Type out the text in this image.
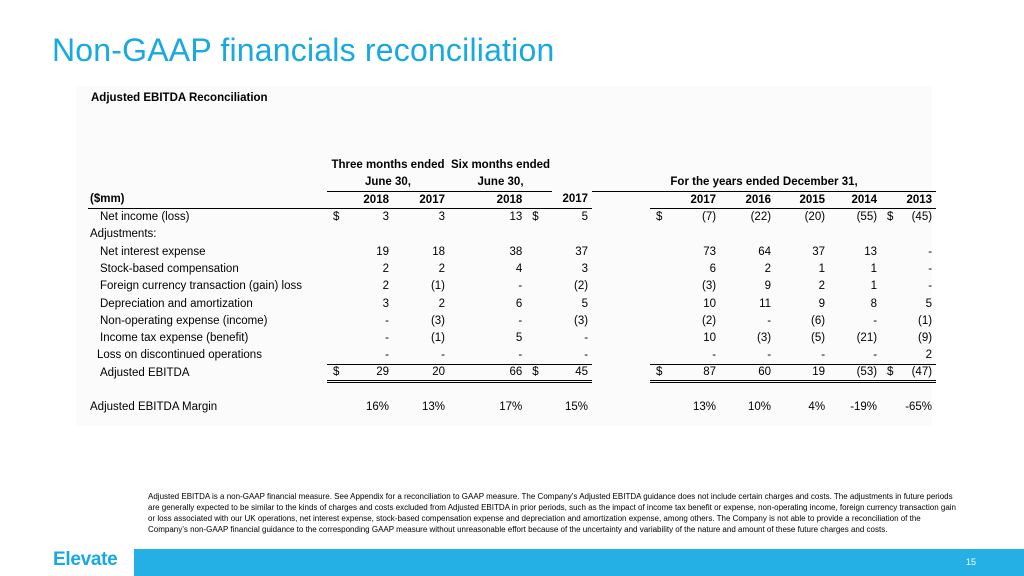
Non-GAAP financials reconciliation
Adjusted EBITDA Reconciliation
	Three months ended			Six months ended											
	June 30,			June 30,				For the years ended December 31,							
($mm)		2018	2017		2018		2017			2017	2016	2015	2014		2013
Net income (loss)	$	3	3		13	$	5		$	(7)	(22)	(20)	(55)	$	(45)
Adjustments:															
Net interest expense		19	18		38		37			73	64	37	13		-
Stock-based compensation		2	2		4		3			6	2	1	1		-
Foreign currency transaction (gain) loss		2	(1)		-		(2)			(3)	9	2	1		-
Depreciation and amortization		3	2		6		5			10	11	9	8		5
Non-operating expense (income)		-	(3)		-		(3)			(2)	-	(6)	-		(1)
Income tax expense (benefit)		-	(1)		5		-			10	(3)	(5)	(21)		(9)
Loss on discontinued operations		-	-		-		-			-	-	-	-		2
Adjusted EBITDA	$	29	20		66	$	45		$	87	60	19	(53)	$	(47)

Adjusted EBITDA Margin		16%	13%		17%		15%			13%	10%	4%	-19%		-65%
Adjusted EBITDA is a non-GAAP financial measure. See Appendix for a reconciliation to GAAP measure. The Company’s Adjusted EBITDA guidance does not include certain charges and costs. The adjustments in future periods are generally expected to be similar to the kinds of charges and costs excluded from Adjusted EBITDA in prior periods, such as the impact of income tax benefit or expense, non-operating income, foreign currency transaction gain or loss associated with our UK operations, net interest expense, stock-based compensation expense and depreciation and amortization expense, among others. The Company is not able to provide a reconciliation of the Company’s non-GAAP financial guidance to the corresponding GAAP measure without unreasonable effort because of the uncertainty and variability of the nature and amount of these future charges and costs.
Elevate	15
